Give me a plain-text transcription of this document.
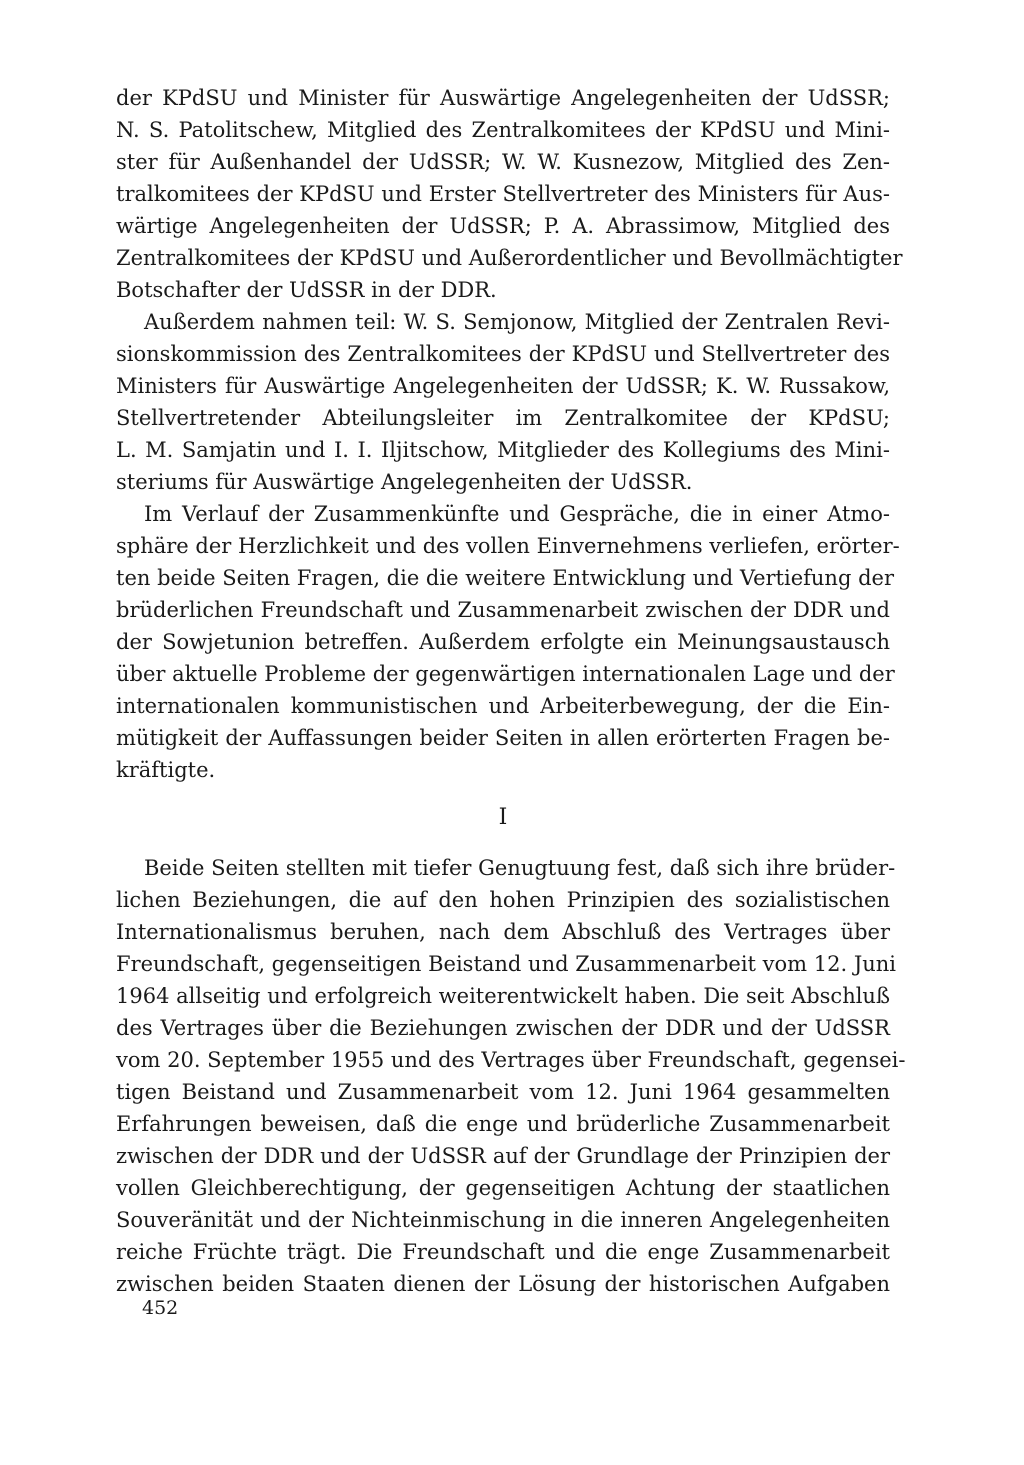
der KPdSU und Minister für Auswärtige Angelegenheiten der UdSSR;
N. S. Patolitschew, Mitglied des Zentralkomitees der KPdSU und Mini-
ster für Außenhandel der UdSSR; W. W. Kusnezow, Mitglied des Zen-
tralkomitees der KPdSU und Erster Stellvertreter des Ministers für Aus-
wärtige Angelegenheiten der UdSSR; P. A. Abrassimow, Mitglied des
Zentralkomitees der KPdSU und Außerordentlicher und Bevollmächtigter
Botschafter der UdSSR in der DDR.
Außerdem nahmen teil: W. S. Semjonow, Mitglied der Zentralen Revi-
sionskommission des Zentralkomitees der KPdSU und Stellvertreter des
Ministers für Auswärtige Angelegenheiten der UdSSR; K. W. Russakow,
Stellvertretender Abteilungsleiter im Zentralkomitee der KPdSU;
L. M. Samjatin und I. I. Iljitschow, Mitglieder des Kollegiums des Mini-
steriums für Auswärtige Angelegenheiten der UdSSR.
Im Verlauf der Zusammenkünfte und Gespräche, die in einer Atmo-
sphäre der Herzlichkeit und des vollen Einvernehmens verliefen, erörter-
ten beide Seiten Fragen, die die weitere Entwicklung und Vertiefung der
brüderlichen Freundschaft und Zusammenarbeit zwischen der DDR und
der Sowjetunion betreffen. Außerdem erfolgte ein Meinungsaustausch
über aktuelle Probleme der gegenwärtigen internationalen Lage und der
internationalen kommunistischen und Arbeiterbewegung, der die Ein-
mütigkeit der Auffassungen beider Seiten in allen erörterten Fragen be-
kräftigte.
I
Beide Seiten stellten mit tiefer Genugtuung fest, daß sich ihre brüder-
lichen Beziehungen, die auf den hohen Prinzipien des sozialistischen
Internationalismus beruhen, nach dem Abschluß des Vertrages über
Freundschaft, gegenseitigen Beistand und Zusammenarbeit vom 12. Juni
1964 allseitig und erfolgreich weiterentwickelt haben. Die seit Abschluß
des Vertrages über die Beziehungen zwischen der DDR und der UdSSR
vom 20. September 1955 und des Vertrages über Freundschaft, gegensei-
tigen Beistand und Zusammenarbeit vom 12. Juni 1964 gesammelten
Erfahrungen beweisen, daß die enge und brüderliche Zusammenarbeit
zwischen der DDR und der UdSSR auf der Grundlage der Prinzipien der
vollen Gleichberechtigung, der gegenseitigen Achtung der staatlichen
Souveränität und der Nichteinmischung in die inneren Angelegenheiten
reiche Früchte trägt. Die Freundschaft und die enge Zusammenarbeit
zwischen beiden Staaten dienen der Lösung der historischen Aufgaben
452
